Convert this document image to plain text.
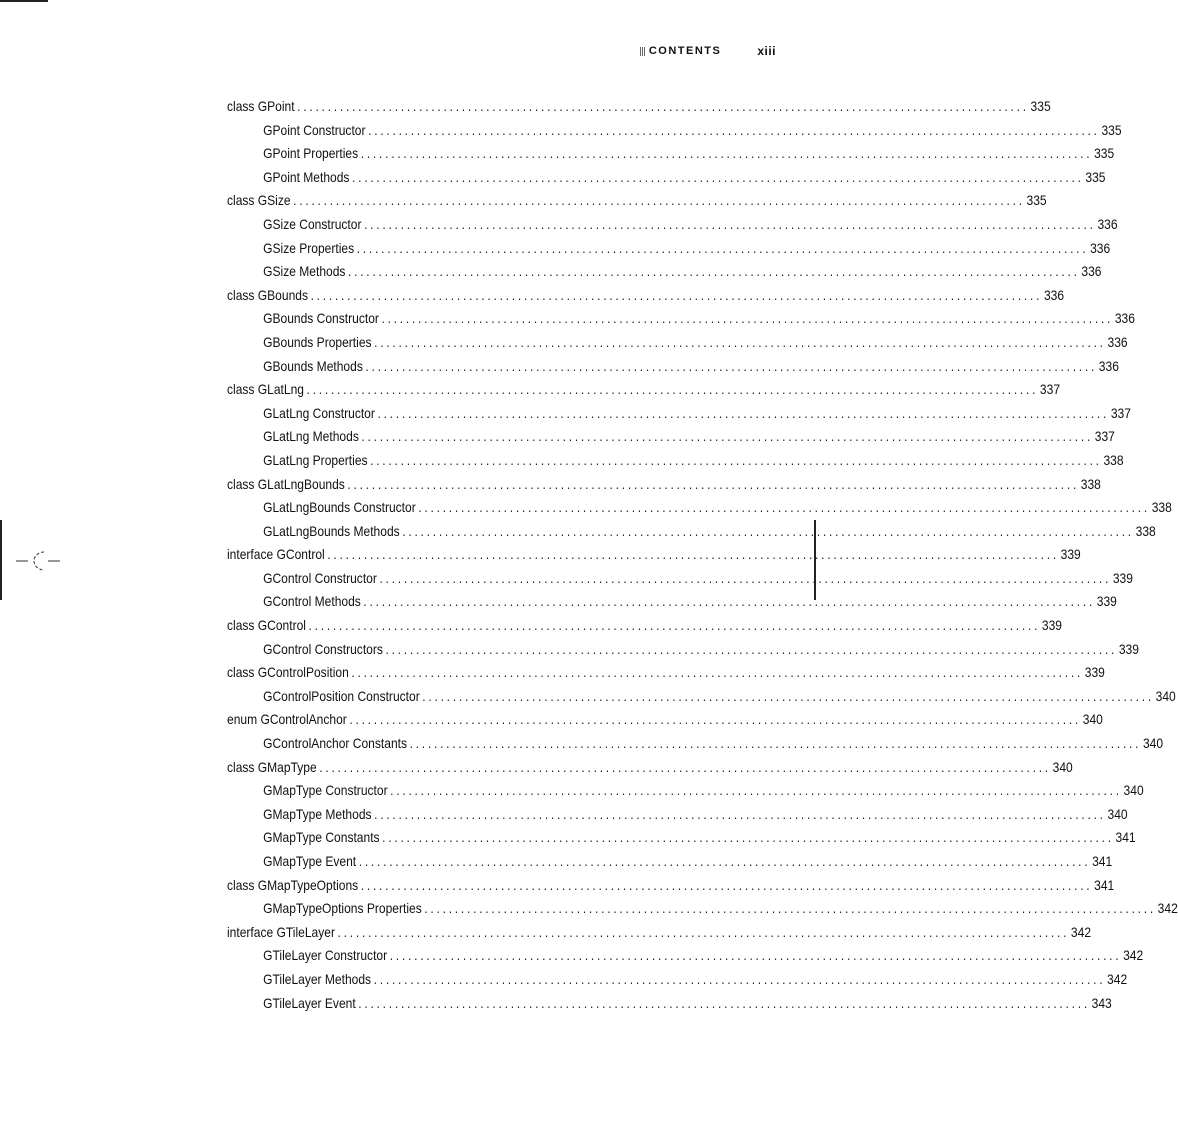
CONTENTS	xiii
class GPoint ........................................................................................................................ 335
GPoint Constructor ........................................................................................................................ 335
GPoint Properties ........................................................................................................................ 335
GPoint Methods ........................................................................................................................ 335
class GSize ........................................................................................................................ 335
GSize Constructor ........................................................................................................................ 336
GSize Properties ........................................................................................................................ 336
GSize Methods ........................................................................................................................ 336
class GBounds ........................................................................................................................ 336
GBounds Constructor ........................................................................................................................ 336
GBounds Properties ........................................................................................................................ 336
GBounds Methods ........................................................................................................................ 336
class GLatLng ........................................................................................................................ 337
GLatLng Constructor ........................................................................................................................ 337
GLatLng Methods ........................................................................................................................ 337
GLatLng Properties ........................................................................................................................ 338
class GLatLngBounds ........................................................................................................................ 338
GLatLngBounds Constructor ........................................................................................................................ 338
GLatLngBounds Methods ........................................................................................................................ 338
interface GControl ........................................................................................................................ 339
GControl Constructor ........................................................................................................................ 339
GControl Methods ........................................................................................................................ 339
class GControl ........................................................................................................................ 339
GControl Constructors ........................................................................................................................ 339
class GControlPosition ........................................................................................................................ 339
GControlPosition Constructor ........................................................................................................................ 340
enum GControlAnchor ........................................................................................................................ 340
GControlAnchor Constants ........................................................................................................................ 340
class GMapType ........................................................................................................................ 340
GMapType Constructor ........................................................................................................................ 340
GMapType Methods ........................................................................................................................ 340
GMapType Constants ........................................................................................................................ 341
GMapType Event ........................................................................................................................ 341
class GMapTypeOptions ........................................................................................................................ 341
GMapTypeOptions Properties ........................................................................................................................ 342
interface GTileLayer ........................................................................................................................ 342
GTileLayer Constructor ........................................................................................................................ 342
GTileLayer Methods ........................................................................................................................ 342
GTileLayer Event ........................................................................................................................ 343
